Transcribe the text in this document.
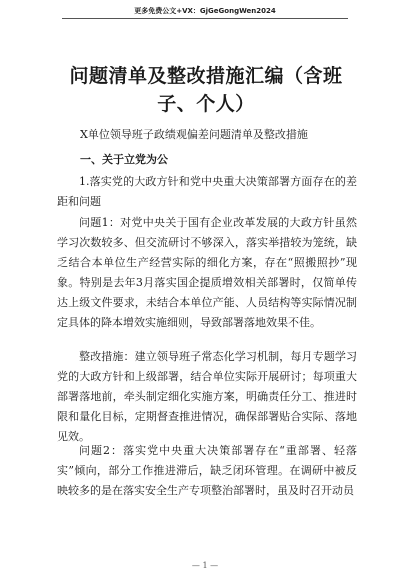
更多免费公文+VX：GjGeGongWen2024
问题清单及整改措施汇编（含班子、个人）
X单位领导班子政绩观偏差问题清单及整改措施
一、关于立党为公
1.落实党的大政方针和党中央重大决策部署方面存在的差距和问题
问题1：对党中央关于国有企业改革发展的大政方针虽然学习次数较多、但交流研讨不够深入，落实举措较为笼统，缺乏结合本单位生产经营实际的细化方案，存在“照搬照抄”现象。特别是去年3月落实国企提质增效相关部署时，仅简单传达上级文件要求，未结合本单位产能、人员结构等实际情况制定具体的降本增效实施细则，导致部署落地效果不佳。
整改措施：建立领导班子常态化学习机制，每月专题学习党的大政方针和上级部署，结合单位实际开展研讨；每项重大部署落地前，牵头制定细化实施方案，明确责任分工、推进时限和量化目标，定期督查推进情况，确保部署贴合实际、落地见效。
问题2：落实党中央重大决策部署存在“重部署、轻落实”倾向，部分工作推进滞后，缺乏闭环管理。在调研中被反映较多的是在落实安全生产专项整治部署时，虽及时召开动员
— 1 —
